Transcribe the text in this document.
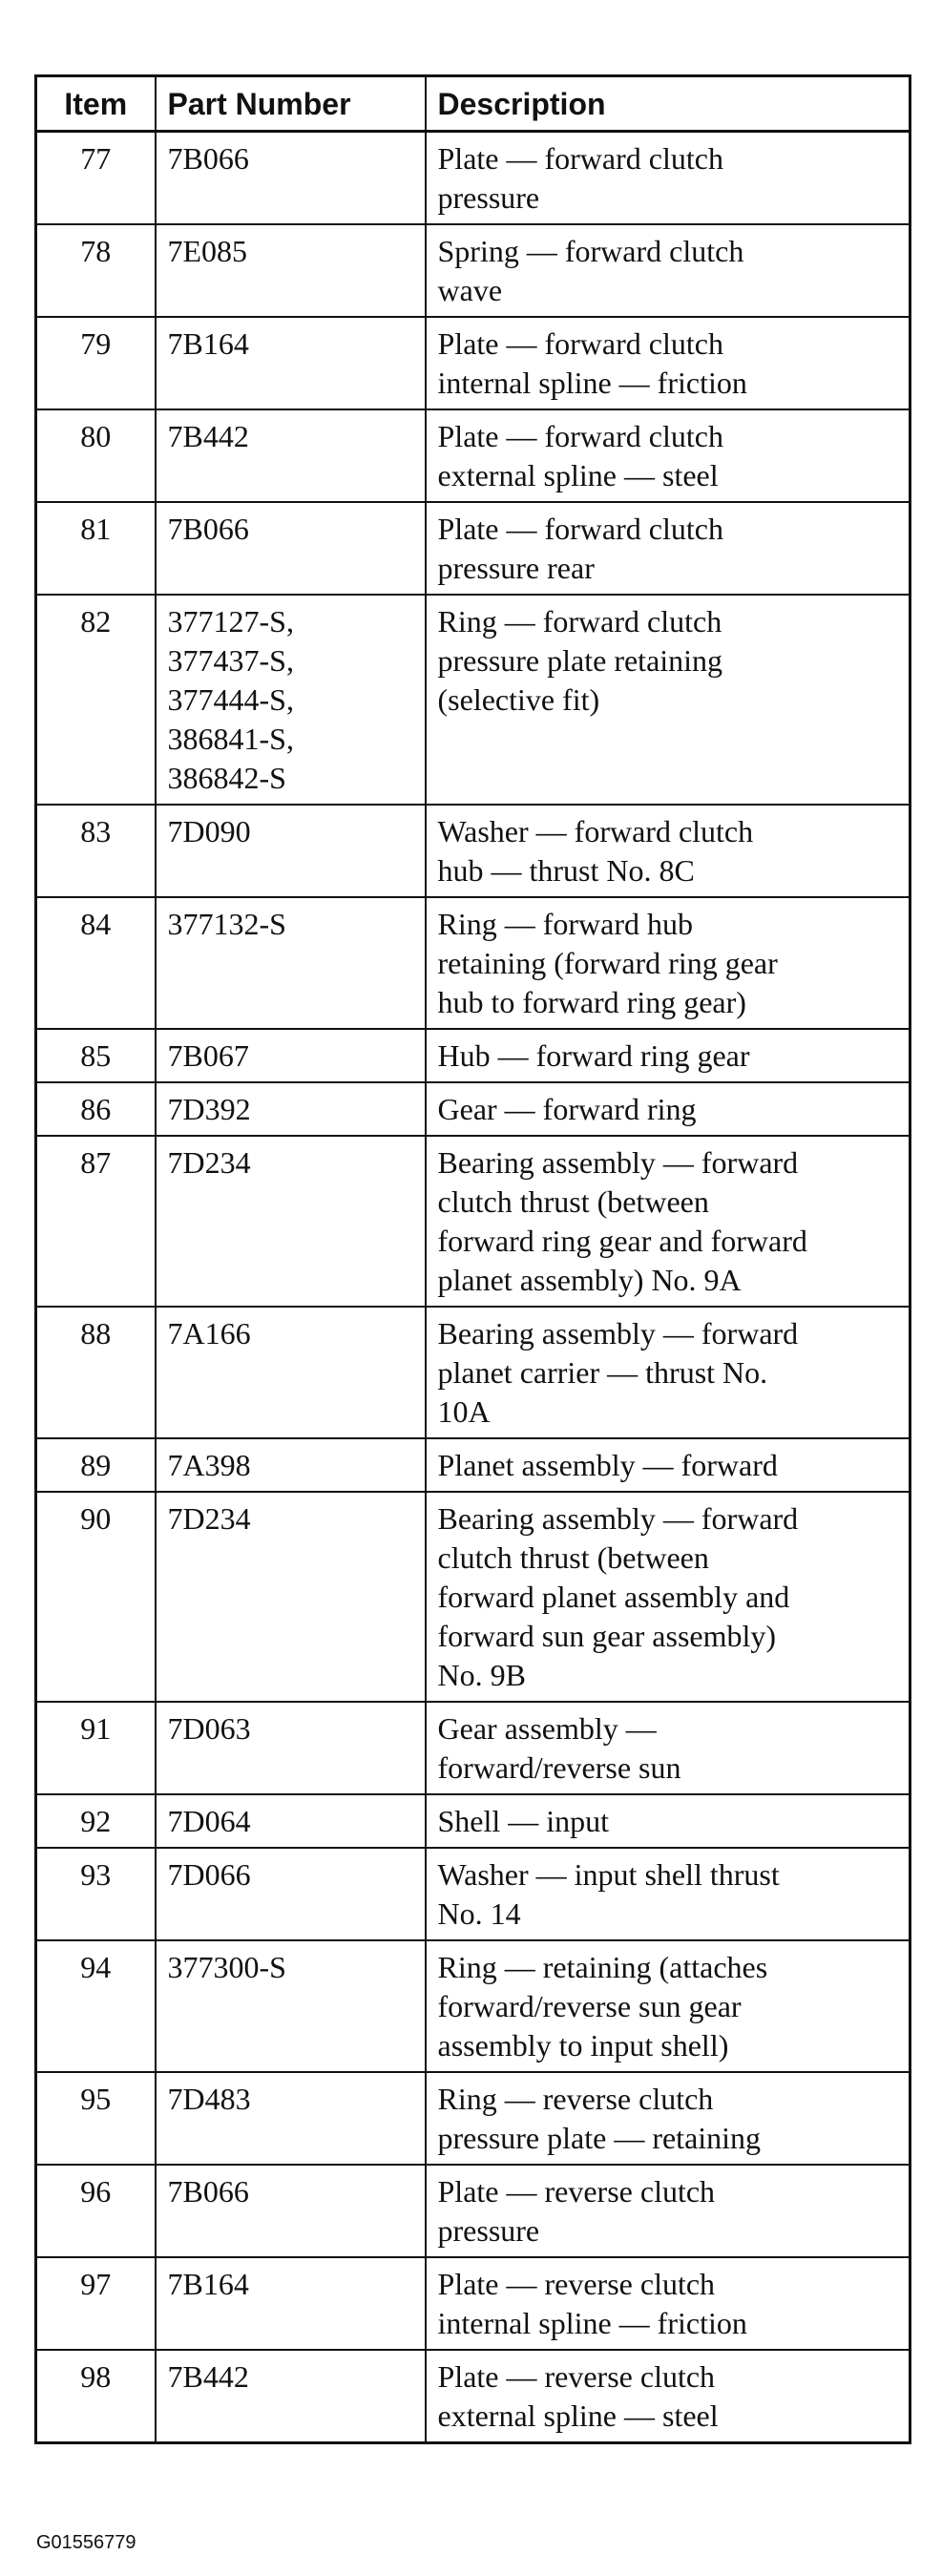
Item	Part Number	Description
77	7B066	Plate — forward clutch
pressure

78	7E085	Spring — forward clutch
wave

79	7B164	Plate — forward clutch
internal spline — friction

80	7B442	Plate — forward clutch
external spline — steel

81	7B066	Plate — forward clutch
pressure rear

82	377127-S,
377437-S,
377444-S,
386841-S,
386842-S	Ring — forward clutch
pressure plate retaining
(selective fit)

83	7D090	Washer — forward clutch
hub — thrust No. 8C

84	377132-S	Ring — forward hub
retaining (forward ring gear
hub to forward ring gear)

85	7B067	Hub — forward ring gear

86	7D392	Gear — forward ring

87	7D234	Bearing assembly — forward
clutch thrust (between
forward ring gear and forward
planet assembly) No. 9A

88	7A166	Bearing assembly — forward
planet carrier — thrust No.
10A

89	7A398	Planet assembly — forward

90	7D234	Bearing assembly — forward
clutch thrust (between
forward planet assembly and
forward sun gear assembly)
No. 9B

91	7D063	Gear assembly —
forward/reverse sun

92	7D064	Shell — input

93	7D066	Washer — input shell thrust
No. 14

94	377300-S	Ring — retaining (attaches
forward/reverse sun gear
assembly to input shell)

95	7D483	Ring — reverse clutch
pressure plate — retaining

96	7B066	Plate — reverse clutch
pressure

97	7B164	Plate — reverse clutch
internal spline — friction

98	7B442	Plate — reverse clutch
external spline — steel
G01556779
